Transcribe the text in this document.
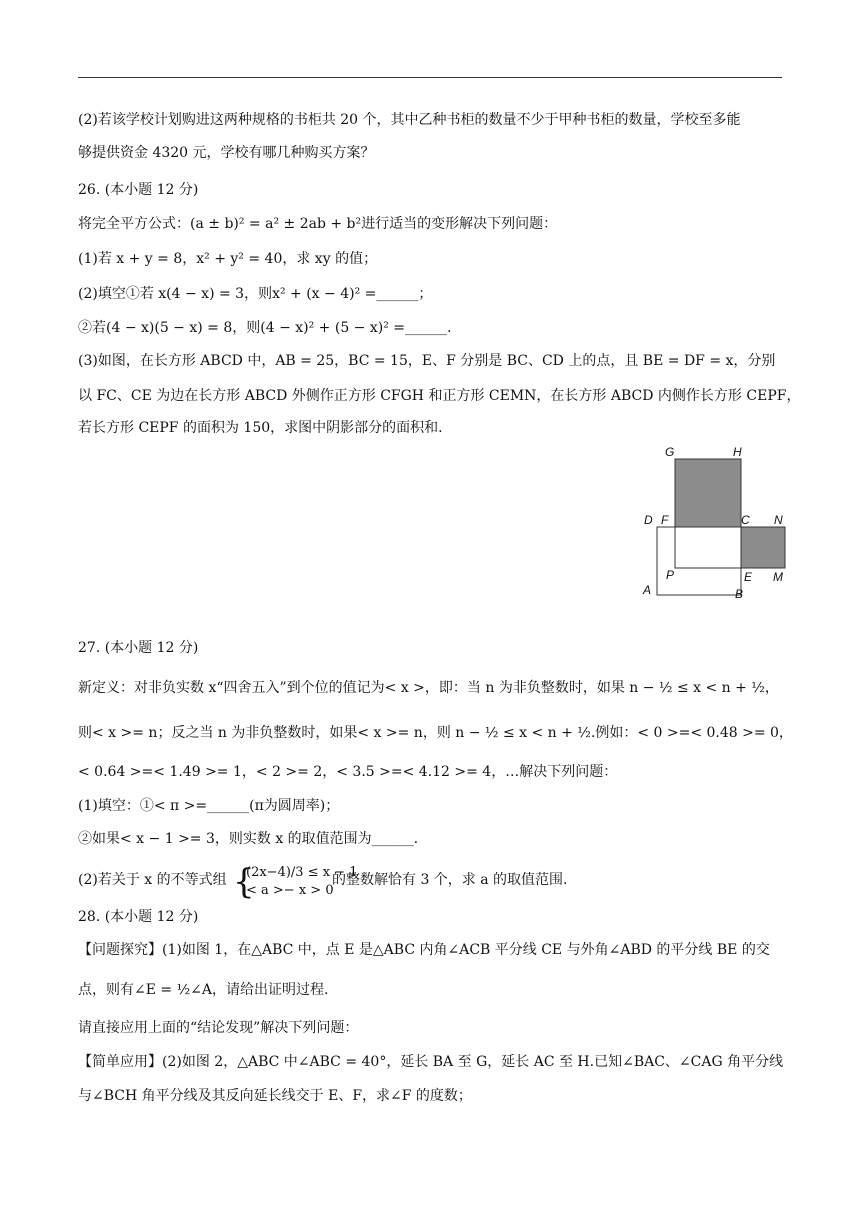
(2)若该学校计划购进这两种规格的书柜共 20 个，其中乙种书柜的数量不少于甲种书柜的数量，学校至多能
够提供资金 4320 元，学校有哪几种购买方案？
26. (本小题 12 分)
将完全平方公式：(a ± b)² = a² ± 2ab + b²进行适当的变形解决下列问题：
(1)若 x + y = 8，x² + y² = 40，求 xy 的值；
(2)填空①若 x(4 − x) = 3，则x² + (x − 4)² =______；
②若(4 − x)(5 − x) = 8，则(4 − x)² + (5 − x)² =______.
(3)如图，在长方形 ABCD 中，AB = 25，BC = 15，E、F 分别是 BC、CD 上的点，且 BE = DF = x，分别
以 FC、CE 为边在长方形 ABCD 外侧作正方形 CFGH 和正方形 CEMN，在长方形 ABCD 内侧作长方形 CEPF，
若长方形 CEPF 的面积为 150，求图中阴影部分的面积和.
G	H
D F	C N
P	E M
A	B
27. (本小题 12 分)
新定义：对非负实数 x“四舍五入”到个位的值记为< x >，即：当 n 为非负整数时，如果 n − ½ ≤ x < n + ½，
则< x >= n；反之当 n 为非负整数时，如果< x >= n，则 n − ½ ≤ x < n + ½.例如：< 0 >=< 0.48 >= 0，
< 0.64 >=< 1.49 >= 1，< 2 >= 2，< 3.5 >=< 4.12 >= 4，…解决下列问题：
(1)填空：①< π >=______(π为圆周率)；
②如果< x − 1 >= 3，则实数 x 的取值范围为______.
(2)若关于 x 的不等式组 {
(2x−4)/3 ≤ x − 1
< a >− x > 0
的整数解恰有 3 个，求 a 的取值范围.
28. (本小题 12 分)
【问题探究】(1)如图 1，在△ABC 中，点 E 是△ABC 内角∠ACB 平分线 CE 与外角∠ABD 的平分线 BE 的交
点，则有∠E = ½∠A，请给出证明过程.
请直接应用上面的“结论发现”解决下列问题：
【简单应用】(2)如图 2，△ABC 中∠ABC = 40°，延长 BA 至 G，延长 AC 至 H.已知∠BAC、∠CAG 角平分线
与∠BCH 角平分线及其反向延长线交于 E、F，求∠F 的度数；
